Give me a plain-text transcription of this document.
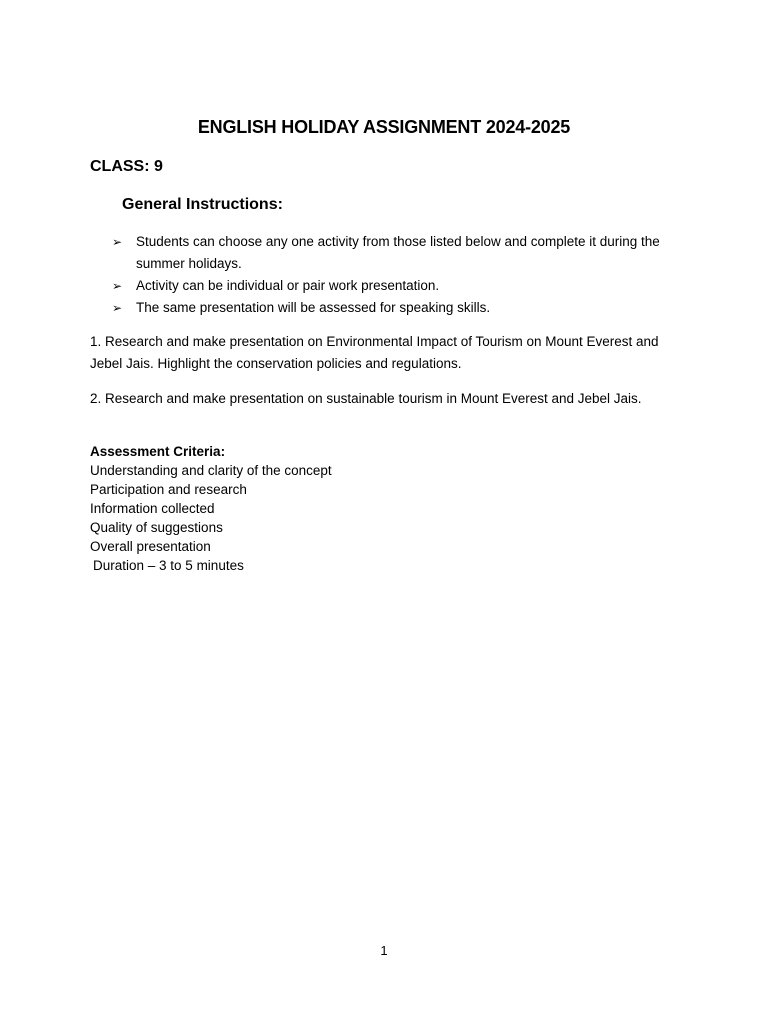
ENGLISH HOLIDAY ASSIGNMENT 2024-2025
CLASS: 9
General Instructions:
➢ Students can choose any one activity from those listed below and complete it during the summer holidays.
➢ Activity can be individual or pair work presentation.
➢ The same presentation will be assessed for speaking skills.

1. Research and make presentation on Environmental Impact of Tourism on Mount Everest and Jebel Jais. Highlight the conservation policies and regulations.

2. Research and make presentation on sustainable tourism in Mount Everest and Jebel Jais.

Assessment Criteria:
Understanding and clarity of the concept
Participation and research
Information collected
Quality of suggestions
Overall presentation
Duration – 3 to 5 minutes
1
